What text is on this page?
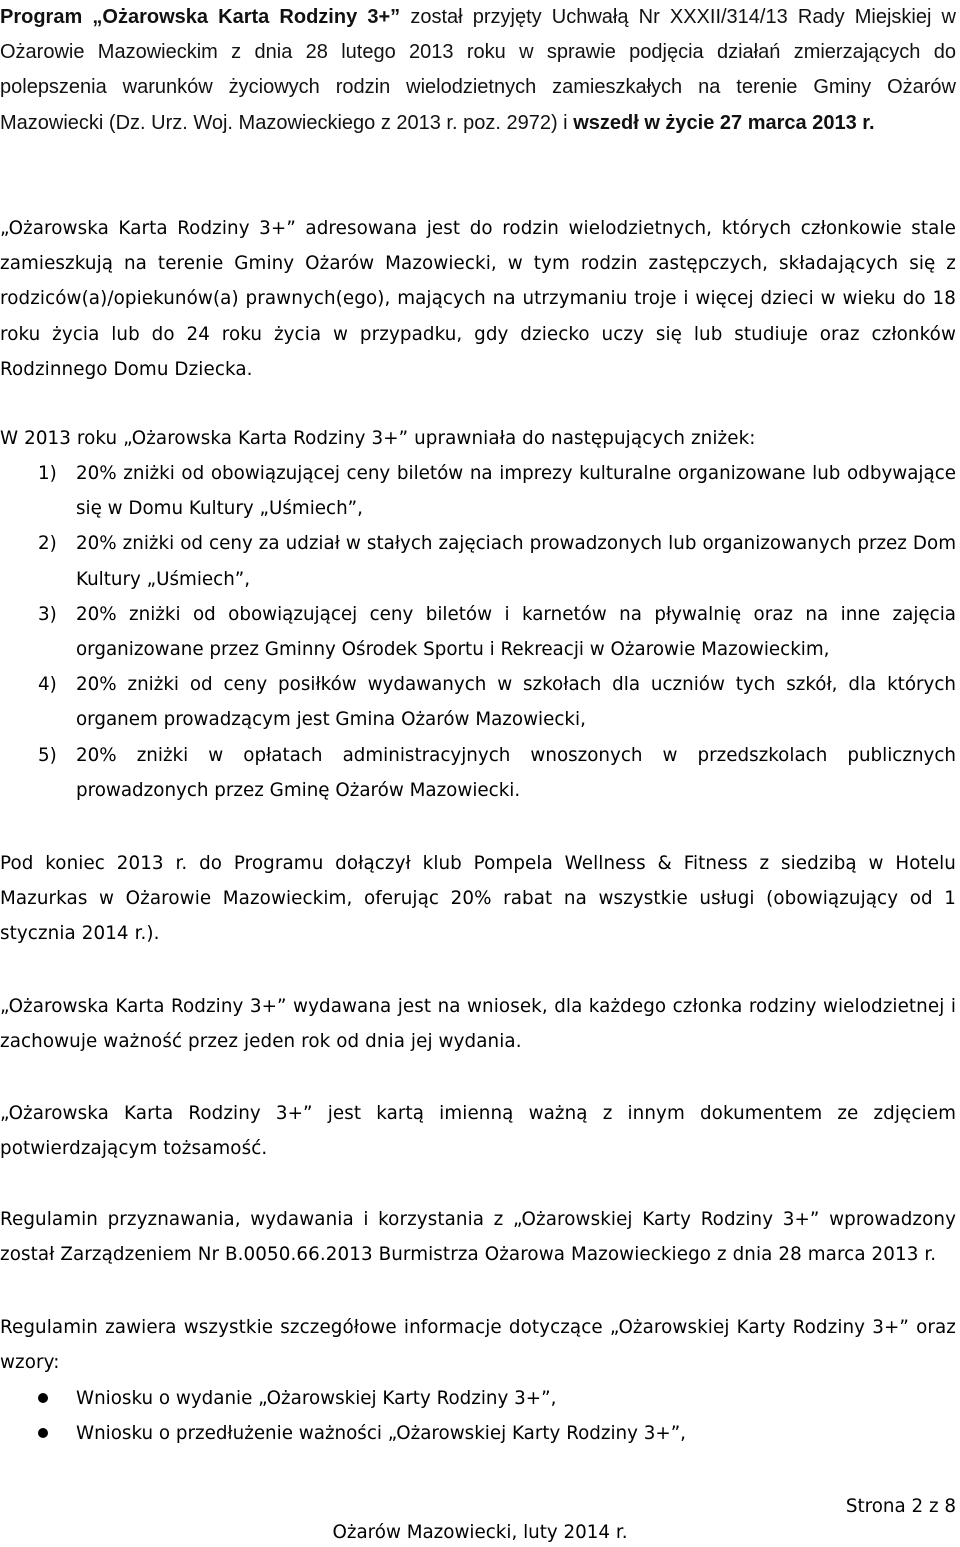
Program „Ożarowska Karta Rodziny 3+” został przyjęty Uchwałą Nr XXXII/314/13 Rady Miejskiej w Ożarowie Mazowieckim z dnia 28 lutego 2013 roku w sprawie podjęcia działań zmierzających do polepszenia warunków życiowych rodzin wielodzietnych zamieszkałych na terenie Gminy Ożarów Mazowiecki (Dz. Urz. Woj. Mazowieckiego z 2013 r. poz. 2972) i wszedł w życie 27 marca 2013 r.

„Ożarowska Karta Rodziny 3+” adresowana jest do rodzin wielodzietnych, których członkowie stale zamieszkują na terenie Gminy Ożarów Mazowiecki, w tym rodzin zastępczych, składających się z rodziców(a)/opiekunów(a) prawnych(ego), mających na utrzymaniu troje i więcej dzieci w wieku do 18 roku życia lub do 24 roku życia w przypadku, gdy dziecko uczy się lub studiuje oraz członków Rodzinnego Domu Dziecka.

W 2013 roku „Ożarowska Karta Rodziny 3+” uprawniała do następujących zniżek:

1) 20% zniżki od obowiązującej ceny biletów na imprezy kulturalne organizowane lub odbywające się w Domu Kultury „Uśmiech”,
2) 20% zniżki od ceny za udział w stałych zajęciach prowadzonych lub organizowanych przez Dom Kultury „Uśmiech”,
3) 20% zniżki od obowiązującej ceny biletów i karnetów na pływalnię oraz na inne zajęcia organizowane przez Gminny Ośrodek Sportu i Rekreacji w Ożarowie Mazowieckim,
4) 20% zniżki od ceny posiłków wydawanych w szkołach dla uczniów tych szkół, dla których organem prowadzącym jest Gmina Ożarów Mazowiecki,
5) 20% zniżki w opłatach administracyjnych wnoszonych w przedszkolach publicznych prowadzonych przez Gminę Ożarów Mazowiecki.

Pod koniec 2013 r. do Programu dołączył klub Pompela Wellness & Fitness z siedzibą w Hotelu Mazurkas w Ożarowie Mazowieckim, oferując 20% rabat na wszystkie usługi (obowiązujący od 1 stycznia 2014 r.).

„Ożarowska Karta Rodziny 3+” wydawana jest na wniosek, dla każdego członka rodziny wielodzietnej i zachowuje ważność przez jeden rok od dnia jej wydania.

„Ożarowska Karta Rodziny 3+” jest kartą imienną ważną z innym dokumentem ze zdjęciem potwierdzającym tożsamość.

Regulamin przyznawania, wydawania i korzystania z „Ożarowskiej Karty Rodziny 3+” wprowadzony został Zarządzeniem Nr B.0050.66.2013 Burmistrza Ożarowa Mazowieckiego z dnia 28 marca 2013 r.

Regulamin zawiera wszystkie szczegółowe informacje dotyczące „Ożarowskiej Karty Rodziny 3+” oraz wzory:

Wniosku o wydanie „Ożarowskiej Karty Rodziny 3+”,
Wniosku o przedłużenie ważności „Ożarowskiej Karty Rodziny 3+”,
Strona 2 z 8
Ożarów Mazowiecki, luty 2014 r.
